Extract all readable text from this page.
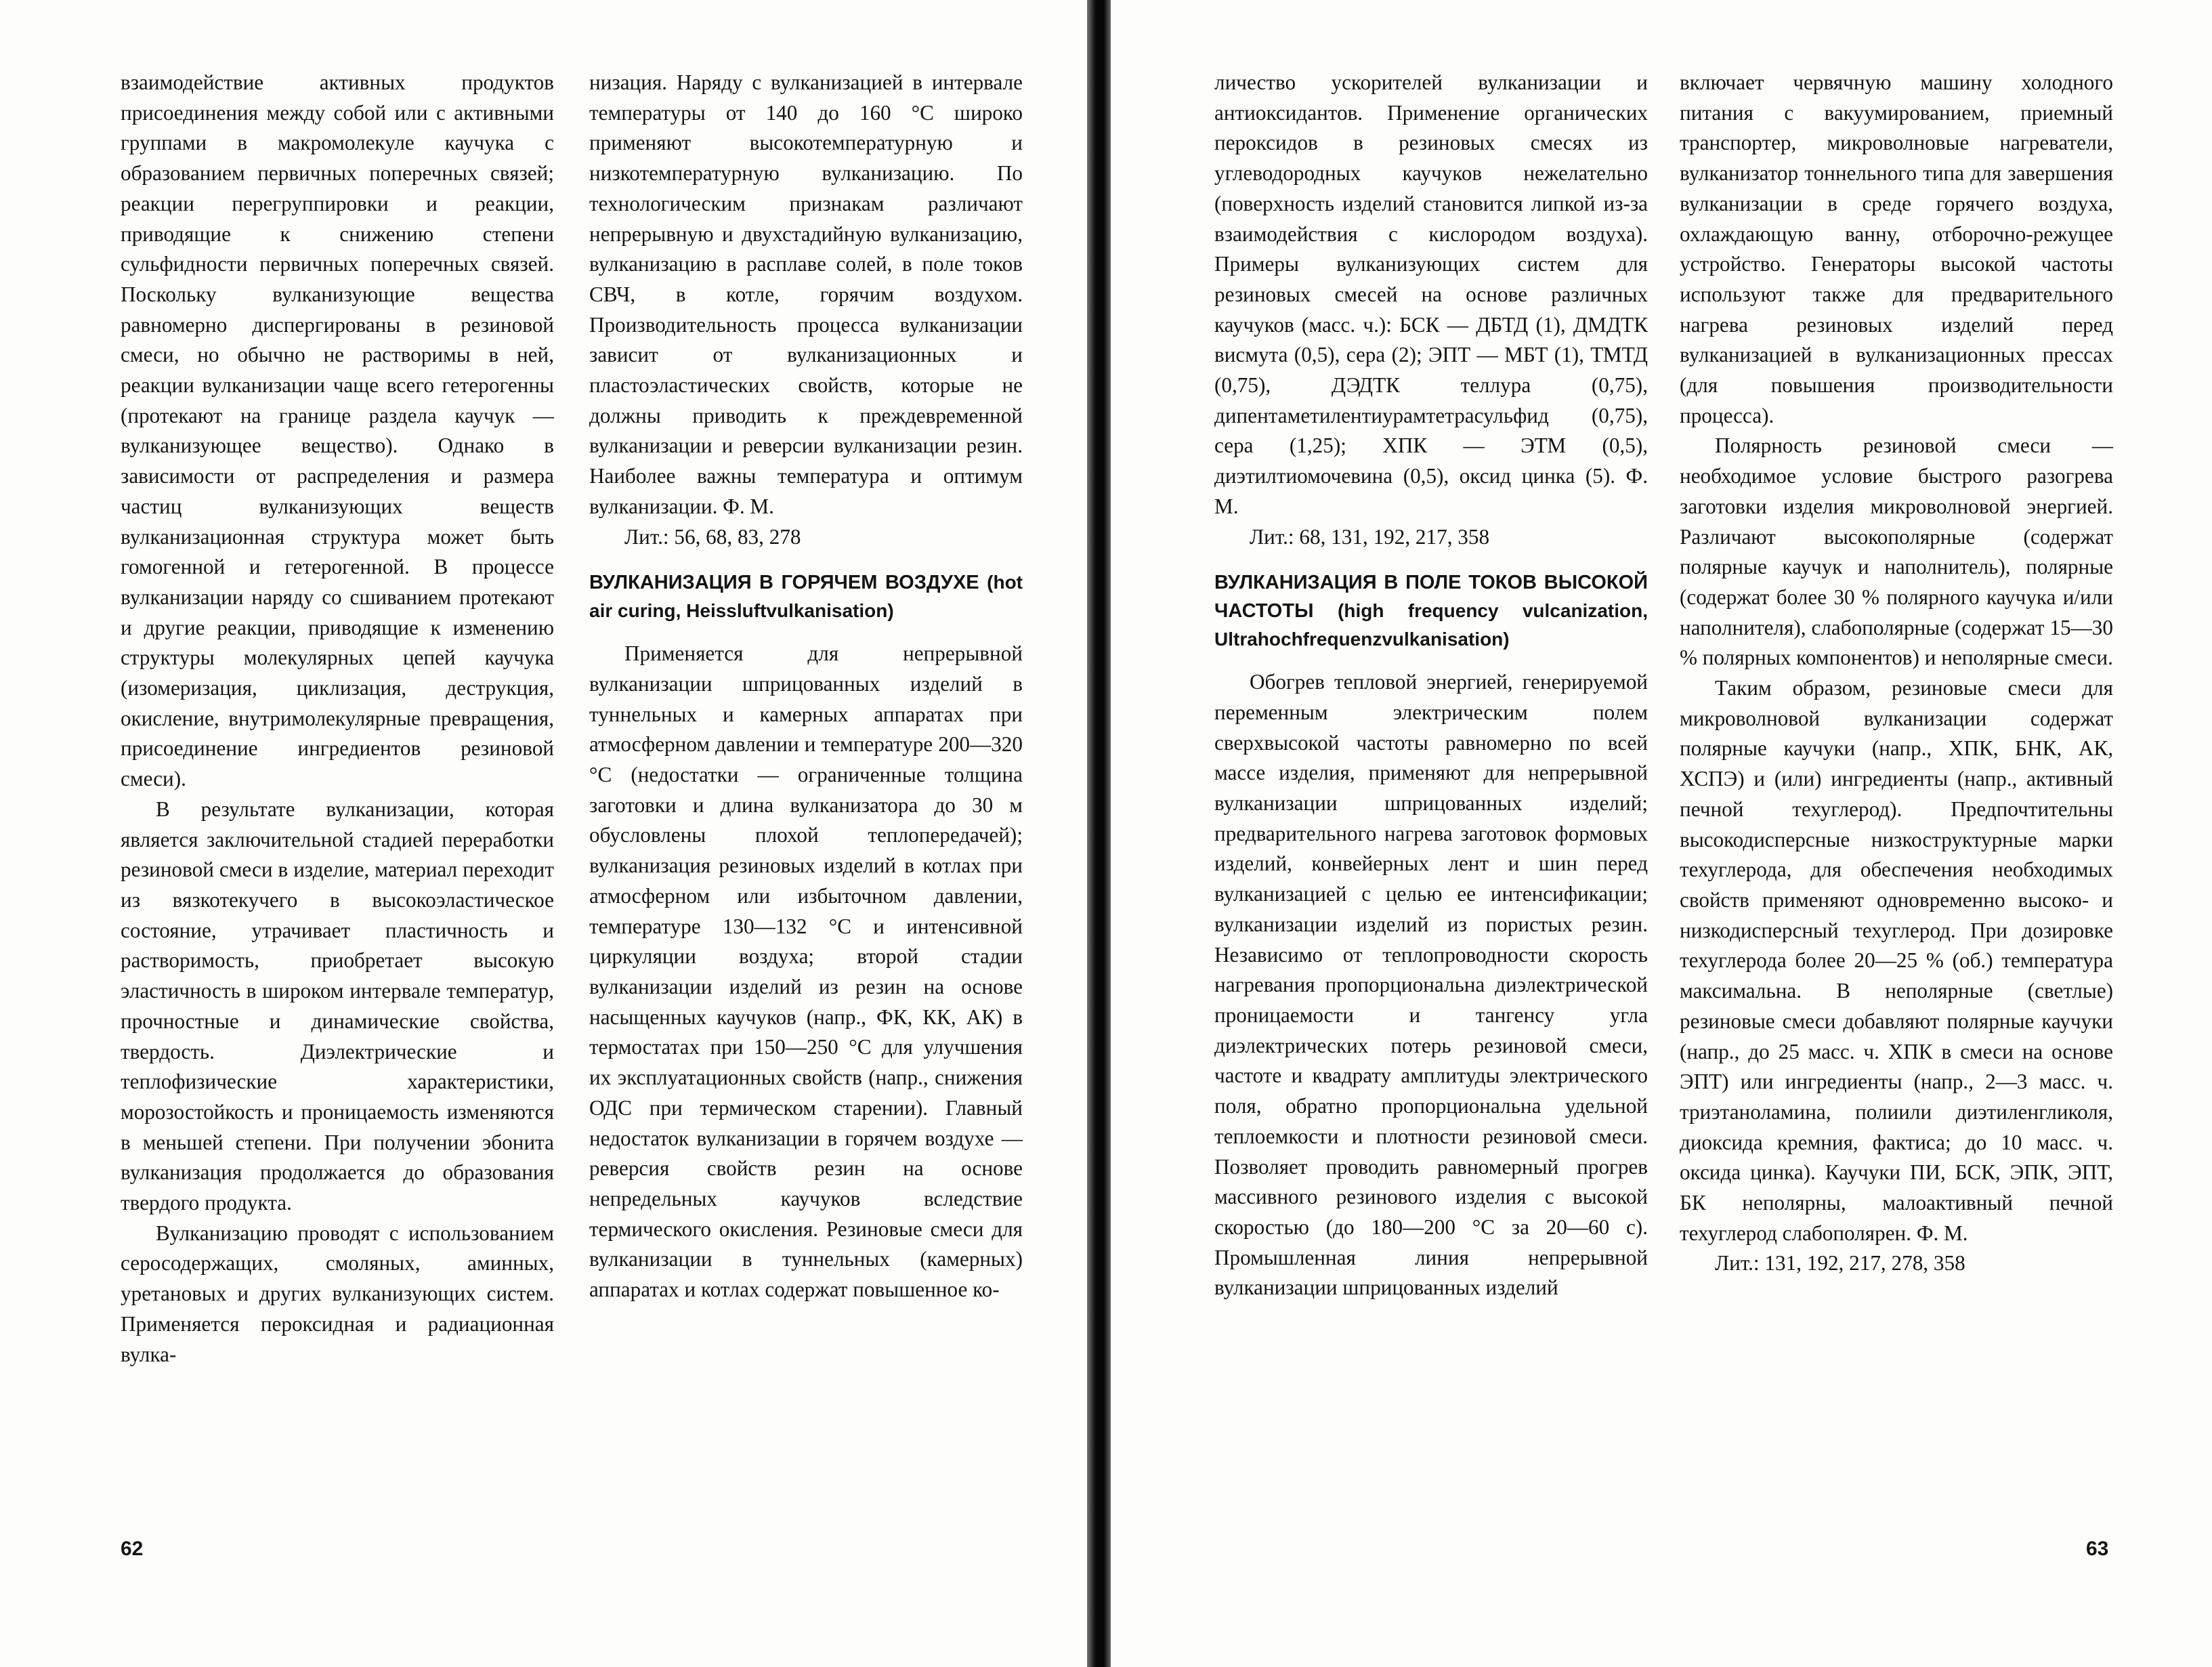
взаимодействие активных продуктов присоединения между собой или с активными группами в макромолекуле каучука с образованием первичных поперечных связей; реакции перегруппировки и реакции, приводящие к снижению степени сульфидности первичных поперечных связей. Поскольку вулканизующие вещества равномерно диспергированы в резиновой смеси, но обычно не растворимы в ней, реакции вулканизации чаще всего гетерогенны (протекают на границе раздела каучук — вулканизующее вещество). Однако в зависимости от распределения и размера частиц вулканизующих веществ вулканизационная структура может быть гомогенной и гетерогенной. В процессе вулканизации наряду со сшиванием протекают и другие реакции, приводящие к изменению структуры молекулярных цепей каучука (изомеризация, циклизация, деструкция, окисление, внутримолекулярные превращения, присоединение ингредиентов резиновой смеси).

В результате вулканизации, которая является заключительной стадией переработки резиновой смеси в изделие, материал переходит из вязкотекучего в высокоэластическое состояние, утрачивает пластичность и растворимость, приобретает высокую эластичность в широком интервале температур, прочностные и динамические свойства, твердость. Диэлектрические и теплофизические характеристики, морозостойкость и проницаемость изменяются в меньшей степени. При получении эбонита вулканизация продолжается до образования твердого продукта.

Вулканизацию проводят с использованием серосодержащих, смоляных, аминных, уретановых и других вулканизующих систем. Применяется пероксидная и радиационная вулка-

низация. Наряду с вулканизацией в интервале температуры от 140 до 160 °С широко применяют высокотемпературную и низкотемпературную вулканизацию. По технологическим признакам различают непрерывную и двухстадийную вулканизацию, вулканизацию в расплаве солей, в поле токов СВЧ, в котле, горячим воздухом. Производительность процесса вулканизации зависит от вулканизационных и пластоэластических свойств, которые не должны приводить к преждевременной вулканизации и реверсии вулканизации резин. Наиболее важны температура и оптимум вулканизации. Ф. М.

Лит.: 56, 68, 83, 278

ВУЛКАНИЗАЦИЯ В ГОРЯЧЕМ ВОЗДУХЕ (hot air curing, Heissluftvulkanisation)

Применяется для непрерывной вулканизации шприцованных изделий в туннельных и камерных аппаратах при атмосферном давлении и температуре 200—320 °С (недостатки — ограниченные толщина заготовки и длина вулканизатора до 30 м обусловлены плохой теплопередачей); вулканизация резиновых изделий в котлах при атмосферном или избыточном давлении, температуре 130—132 °С и интенсивной циркуляции воздуха; второй стадии вулканизации изделий из резин на основе насыщенных каучуков (напр., ФК, КК, АК) в термостатах при 150—250 °С для улучшения их эксплуатационных свойств (напр., снижения ОДС при термическом старении). Главный недостаток вулканизации в горячем воздухе — реверсия свойств резин на основе непредельных каучуков вследствие термического окисления. Резиновые смеси для вулканизации в туннельных (камерных) аппаратах и котлах содержат повышенное ко-

62

личество ускорителей вулканизации и антиоксидантов. Применение органических пероксидов в резиновых смесях из углеводородных каучуков нежелательно (поверхность изделий становится липкой из-за взаимодействия с кислородом воздуха). Примеры вулканизующих систем для резиновых смесей на основе различных каучуков (масс. ч.): БСК — ДБТД (1), ДМДТК висмута (0,5), сера (2); ЭПТ — МБТ (1), ТМТД (0,75), ДЭДТК теллура (0,75), дипентаметилентиурамтетрасульфид (0,75), сера (1,25); ХПК — ЭТМ (0,5), диэтилтиомочевина (0,5), оксид цинка (5). Ф. М.

Лит.: 68, 131, 192, 217, 358

ВУЛКАНИЗАЦИЯ В ПОЛЕ ТОКОВ ВЫСОКОЙ ЧАСТОТЫ (high frequency vulcanization, Ultrahochfrequenzvulkanisation)

Обогрев тепловой энергией, генерируемой переменным электрическим полем сверхвысокой частоты равномерно по всей массе изделия, применяют для непрерывной вулканизации шприцованных изделий; предварительного нагрева заготовок формовых изделий, конвейерных лент и шин перед вулканизацией с целью ее интенсификации; вулканизации изделий из пористых резин. Независимо от теплопроводности скорость нагревания пропорциональна диэлектрической проницаемости и тангенсу угла диэлектрических потерь резиновой смеси, частоте и квадрату амплитуды электрического поля, обратно пропорциональна удельной теплоемкости и плотности резиновой смеси. Позволяет проводить равномерный прогрев массивного резинового изделия с высокой скоростью (до 180—200 °С за 20—60 с). Промышленная линия непрерывной вулканизации шприцованных изделий

включает червячную машину холодного питания с вакуумированием, приемный транспортер, микроволновые нагреватели, вулканизатор тоннельного типа для завершения вулканизации в среде горячего воздуха, охлаждающую ванну, отборочно-режущее устройство. Генераторы высокой частоты используют также для предварительного нагрева резиновых изделий перед вулканизацией в вулканизационных прессах (для повышения производительности процесса).

Полярность резиновой смеси — необходимое условие быстрого разогрева заготовки изделия микроволновой энергией. Различают высокополярные (содержат полярные каучук и наполнитель), полярные (содержат более 30 % полярного каучука и/или наполнителя), слабополярные (содержат 15—30 % полярных компонентов) и неполярные смеси.

Таким образом, резиновые смеси для микроволновой вулканизации содержат полярные каучуки (напр., ХПК, БНК, АК, ХСПЭ) и (или) ингредиенты (напр., активный печной техуглерод). Предпочтительны высокодисперсные низкоструктурные марки техуглерода, для обеспечения необходимых свойств применяют одновременно высоко- и низкодисперсный техуглерод. При дозировке техуглерода более 20—25 % (об.) температура максимальна. В неполярные (светлые) резиновые смеси добавляют полярные каучуки (напр., до 25 масс. ч. ХПК в смеси на основе ЭПТ) или ингредиенты (напр., 2—3 масс. ч. триэтаноламина, полиили диэтиленгликоля, диоксида кремния, фактиса; до 10 масс. ч. оксида цинка). Каучуки ПИ, БСК, ЭПК, ЭПТ, БК неполярны, малоактивный печной техуглерод слабополярен. Ф. М.

Лит.: 131, 192, 217, 278, 358

63
